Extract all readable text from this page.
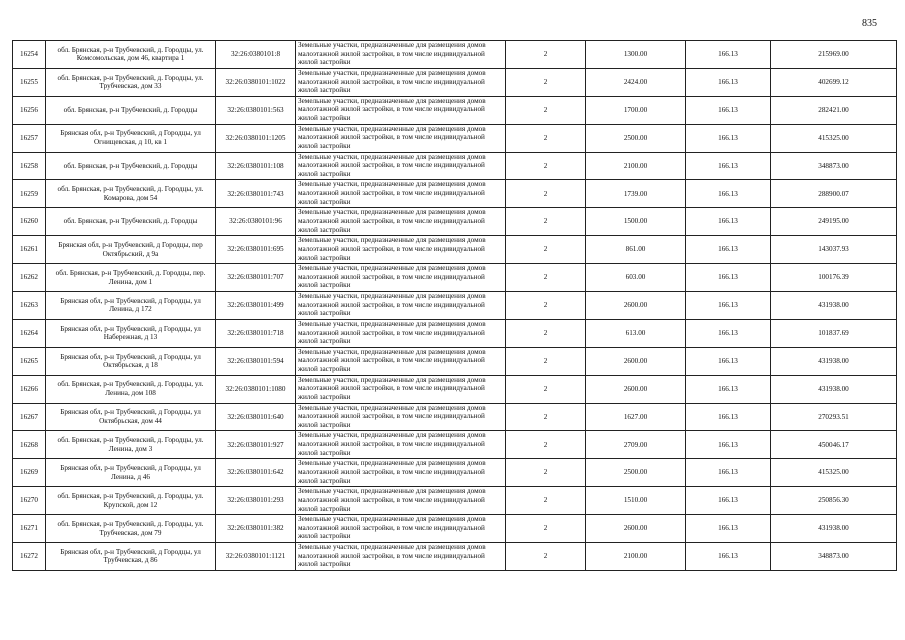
835
16254	обл. Брянская, р-н Трубчевский, д. Городцы, ул. Комсомольская, дом 46, квартира 1	32:26:0380101:8	Земельные участки, предназначенные для размещения домов малоэтажной жилой застройки, в том числе индивидуальной жилой застройки	2	1300.00	166.13	215969.00
16255	обл. Брянская, р-н Трубчевский, д. Городцы, ул. Трубчевская, дом 33	32:26:0380101:1022	Земельные участки, предназначенные для размещения домов малоэтажной жилой застройки, в том числе индивидуальной жилой застройки	2	2424.00	166.13	402699.12
16256	обл. Брянская, р-н Трубчевский, д. Городцы	32:26:0380101:563	Земельные участки, предназначенные для размещения домов малоэтажной жилой застройки, в том числе индивидуальной жилой застройки	2	1700.00	166.13	282421.00
16257	Брянская обл, р-н Трубчевский, д Городцы, ул Огнищевская, д 10, кв 1	32:26:0380101:1205	Земельные участки, предназначенные для размещения домов малоэтажной жилой застройки, в том числе индивидуальной жилой застройки	2	2500.00	166.13	415325.00
16258	обл. Брянская, р-н Трубчевский, д. Городцы	32:26:0380101:108	Земельные участки, предназначенные для размещения домов малоэтажной жилой застройки, в том числе индивидуальной жилой застройки	2	2100.00	166.13	348873.00
16259	обл. Брянская, р-н Трубчевский, д. Городцы, ул. Комарова, дом 54	32:26:0380101:743	Земельные участки, предназначенные для размещения домов малоэтажной жилой застройки, в том числе индивидуальной жилой застройки	2	1739.00	166.13	288900.07
16260	обл. Брянская, р-н Трубчевский, д. Городцы	32:26:0380101:96	Земельные участки, предназначенные для размещения домов малоэтажной жилой застройки, в том числе индивидуальной жилой застройки	2	1500.00	166.13	249195.00
16261	Брянская обл, р-н Трубчевский, д Городцы, пер Октябрьский, д 9а	32:26:0380101:695	Земельные участки, предназначенные для размещения домов малоэтажной жилой застройки, в том числе индивидуальной жилой застройки	2	861.00	166.13	143037.93
16262	обл. Брянская, р-н Трубчевский, д. Городцы, пер. Ленина, дом 1	32:26:0380101:707	Земельные участки, предназначенные для размещения домов малоэтажной жилой застройки, в том числе индивидуальной жилой застройки	2	603.00	166.13	100176.39
16263	Брянская обл, р-н Трубчевский, д Городцы, ул Ленина, д 172	32:26:0380101:499	Земельные участки, предназначенные для размещения домов малоэтажной жилой застройки, в том числе индивидуальной жилой застройки	2	2600.00	166.13	431938.00
16264	Брянская обл, р-н Трубчевский, д Городцы, ул Набережная, д 13	32:26:0380101:718	Земельные участки, предназначенные для размещения домов малоэтажной жилой застройки, в том числе индивидуальной жилой застройки	2	613.00	166.13	101837.69
16265	Брянская обл, р-н Трубчевский, д Городцы, ул Октябрьская, д 18	32:26:0380101:594	Земельные участки, предназначенные для размещения домов малоэтажной жилой застройки, в том числе индивидуальной жилой застройки	2	2600.00	166.13	431938.00
16266	обл. Брянская, р-н Трубчевский, д. Городцы, ул. Ленина, дом 108	32:26:0380101:1080	Земельные участки, предназначенные для размещения домов малоэтажной жилой застройки, в том числе индивидуальной жилой застройки	2	2600.00	166.13	431938.00
16267	Брянская обл, р-н Трубчевский, д Городцы, ул Октябрьская, дом 44	32:26:0380101:640	Земельные участки, предназначенные для размещения домов малоэтажной жилой застройки, в том числе индивидуальной жилой застройки	2	1627.00	166.13	270293.51
16268	обл. Брянская, р-н Трубчевский, д. Городцы, ул. Ленина, дом 3	32:26:0380101:927	Земельные участки, предназначенные для размещения домов малоэтажной жилой застройки, в том числе индивидуальной жилой застройки	2	2709.00	166.13	450046.17
16269	Брянская обл, р-н Трубчевский, д Городцы, ул Ленина, д 46	32:26:0380101:642	Земельные участки, предназначенные для размещения домов малоэтажной жилой застройки, в том числе индивидуальной жилой застройки	2	2500.00	166.13	415325.00
16270	обл. Брянская, р-н Трубчевский, д. Городцы, ул. Крупской, дом 12	32:26:0380101:293	Земельные участки, предназначенные для размещения домов малоэтажной жилой застройки, в том числе индивидуальной жилой застройки	2	1510.00	166.13	250856.30
16271	обл. Брянская, р-н Трубчевский, д. Городцы, ул. Трубчевская, дом 79	32:26:0380101:382	Земельные участки, предназначенные для размещения домов малоэтажной жилой застройки, в том числе индивидуальной жилой застройки	2	2600.00	166.13	431938.00
16272	Брянская обл, р-н Трубчевский, д Городцы, ул Трубчевская, д 86	32:26:0380101:1121	Земельные участки, предназначенные для размещения домов малоэтажной жилой застройки, в том числе индивидуальной жилой застройки	2	2100.00	166.13	348873.00
